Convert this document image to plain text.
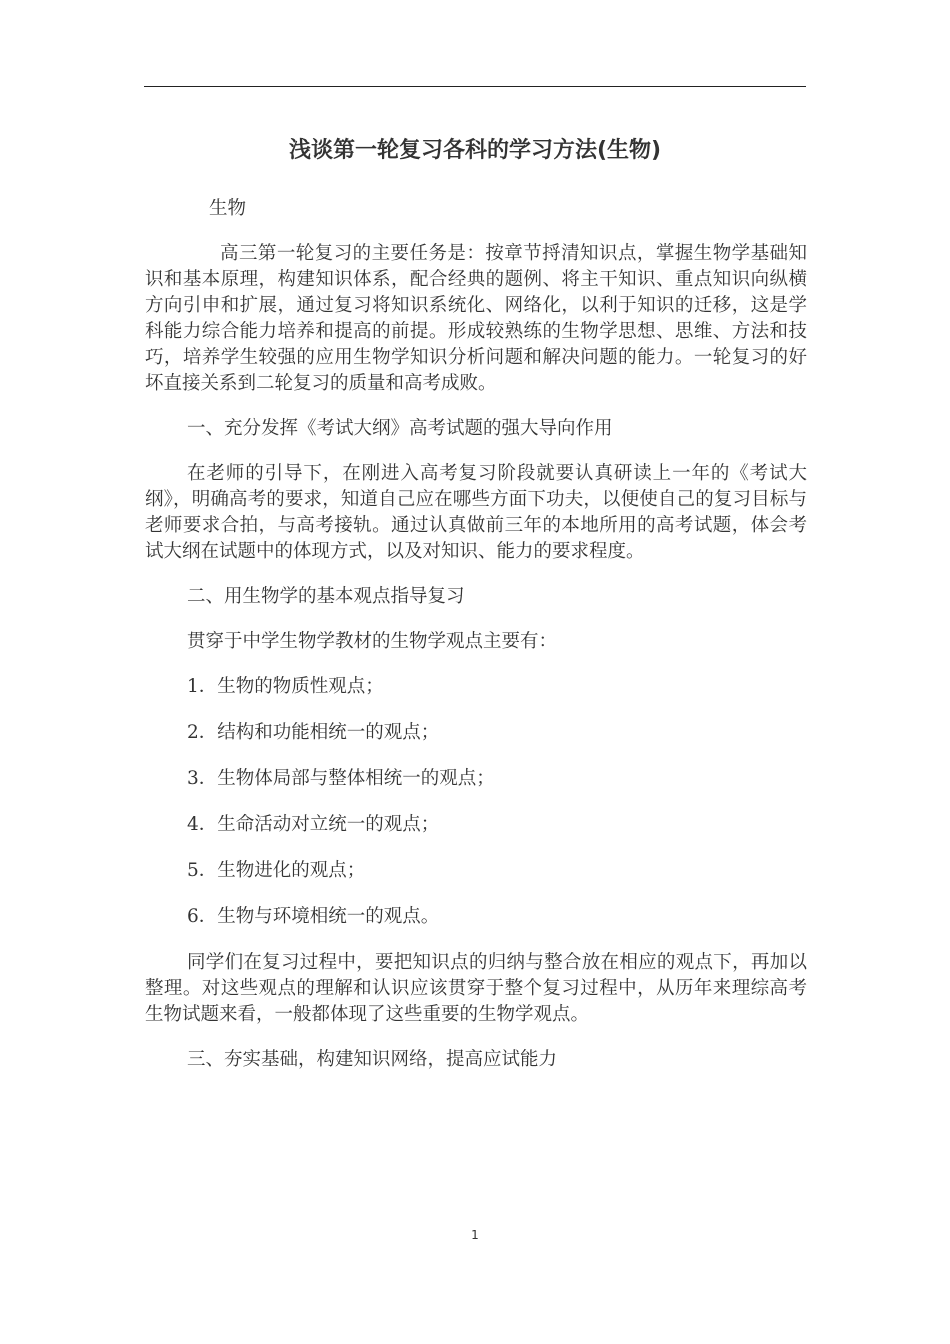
浅谈第一轮复习各科的学习方法(生物)

生物

高三第一轮复习的主要任务是：按章节捋清知识点，掌握生物学基础知识和基本原理，构建知识体系，配合经典的题例、将主干知识、重点知识向纵横方向引申和扩展，通过复习将知识系统化、网络化，以利于知识的迁移，这是学科能力综合能力培养和提高的前提。形成较熟练的生物学思想、思维、方法和技巧，培养学生较强的应用生物学知识分析问题和解决问题的能力。一轮复习的好坏直接关系到二轮复习的质量和高考成败。

一、充分发挥《考试大纲》高考试题的强大导向作用

在老师的引导下，在刚进入高考复习阶段就要认真研读上一年的《考试大纲》，明确高考的要求，知道自己应在哪些方面下功夫，以便使自己的复习目标与老师要求合拍，与高考接轨。通过认真做前三年的本地所用的高考试题，体会考试大纲在试题中的体现方式，以及对知识、能力的要求程度。

二、用生物学的基本观点指导复习

贯穿于中学生物学教材的生物学观点主要有：

1．生物的物质性观点；

2．结构和功能相统一的观点；

3．生物体局部与整体相统一的观点；

4．生命活动对立统一的观点；

5．生物进化的观点；

6．生物与环境相统一的观点。

同学们在复习过程中，要把知识点的归纳与整合放在相应的观点下，再加以整理。对这些观点的理解和认识应该贯穿于整个复习过程中，从历年来理综高考生物试题来看，一般都体现了这些重要的生物学观点。

三、夯实基础，构建知识网络，提高应试能力

1
